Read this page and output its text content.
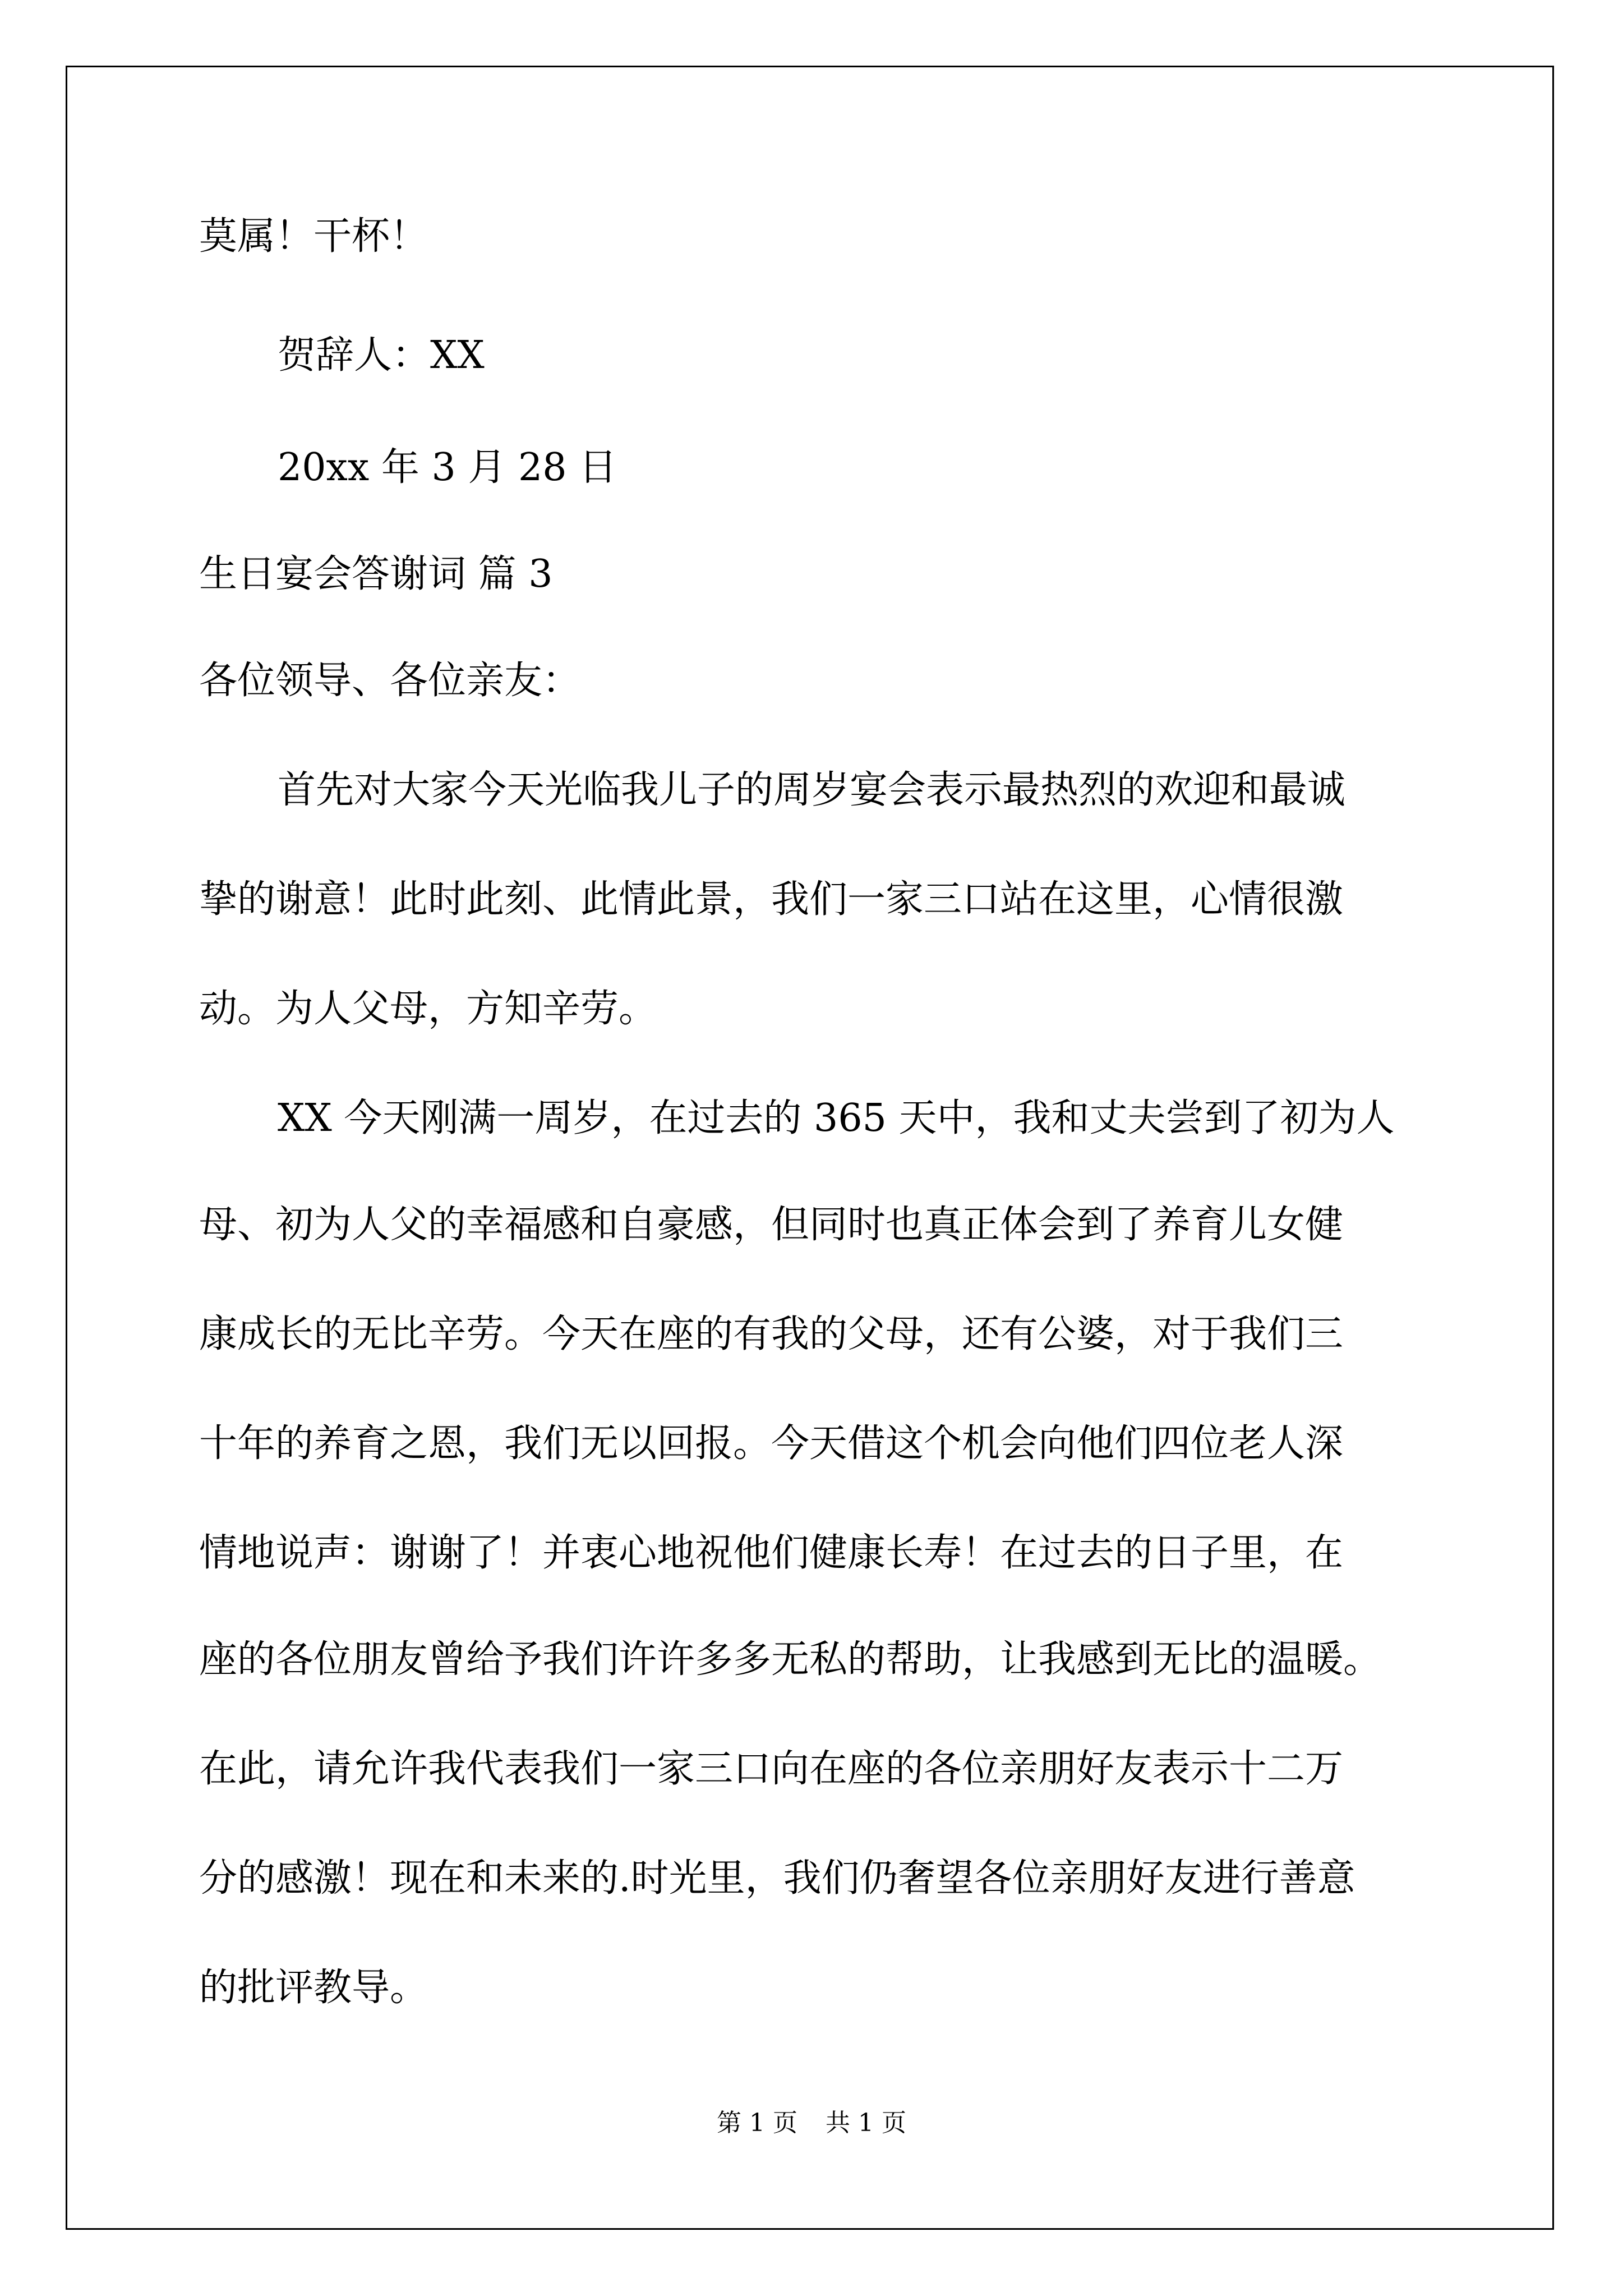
莫属！干杯！
贺辞人：XX
20xx 年 3 月 28 日
生日宴会答谢词 篇 3
各位领导、各位亲友：
首先对大家今天光临我儿子的周岁宴会表示最热烈的欢迎和最诚
挚的谢意！此时此刻、此情此景，我们一家三口站在这里，心情很激
动。为人父母，方知辛劳。
XX 今天刚满一周岁，在过去的 365 天中，我和丈夫尝到了初为人
母、初为人父的幸福感和自豪感，但同时也真正体会到了养育儿女健
康成长的无比辛劳。今天在座的有我的父母，还有公婆，对于我们三
十年的养育之恩，我们无以回报。今天借这个机会向他们四位老人深
情地说声：谢谢了！并衷心地祝他们健康长寿！在过去的日子里，在
座的各位朋友曾给予我们许许多多无私的帮助，让我感到无比的温暖。
在此，请允许我代表我们一家三口向在座的各位亲朋好友表示十二万
分的感激！现在和未来的.时光里，我们仍奢望各位亲朋好友进行善意
的批评教导。
第 1 页 共 1 页
